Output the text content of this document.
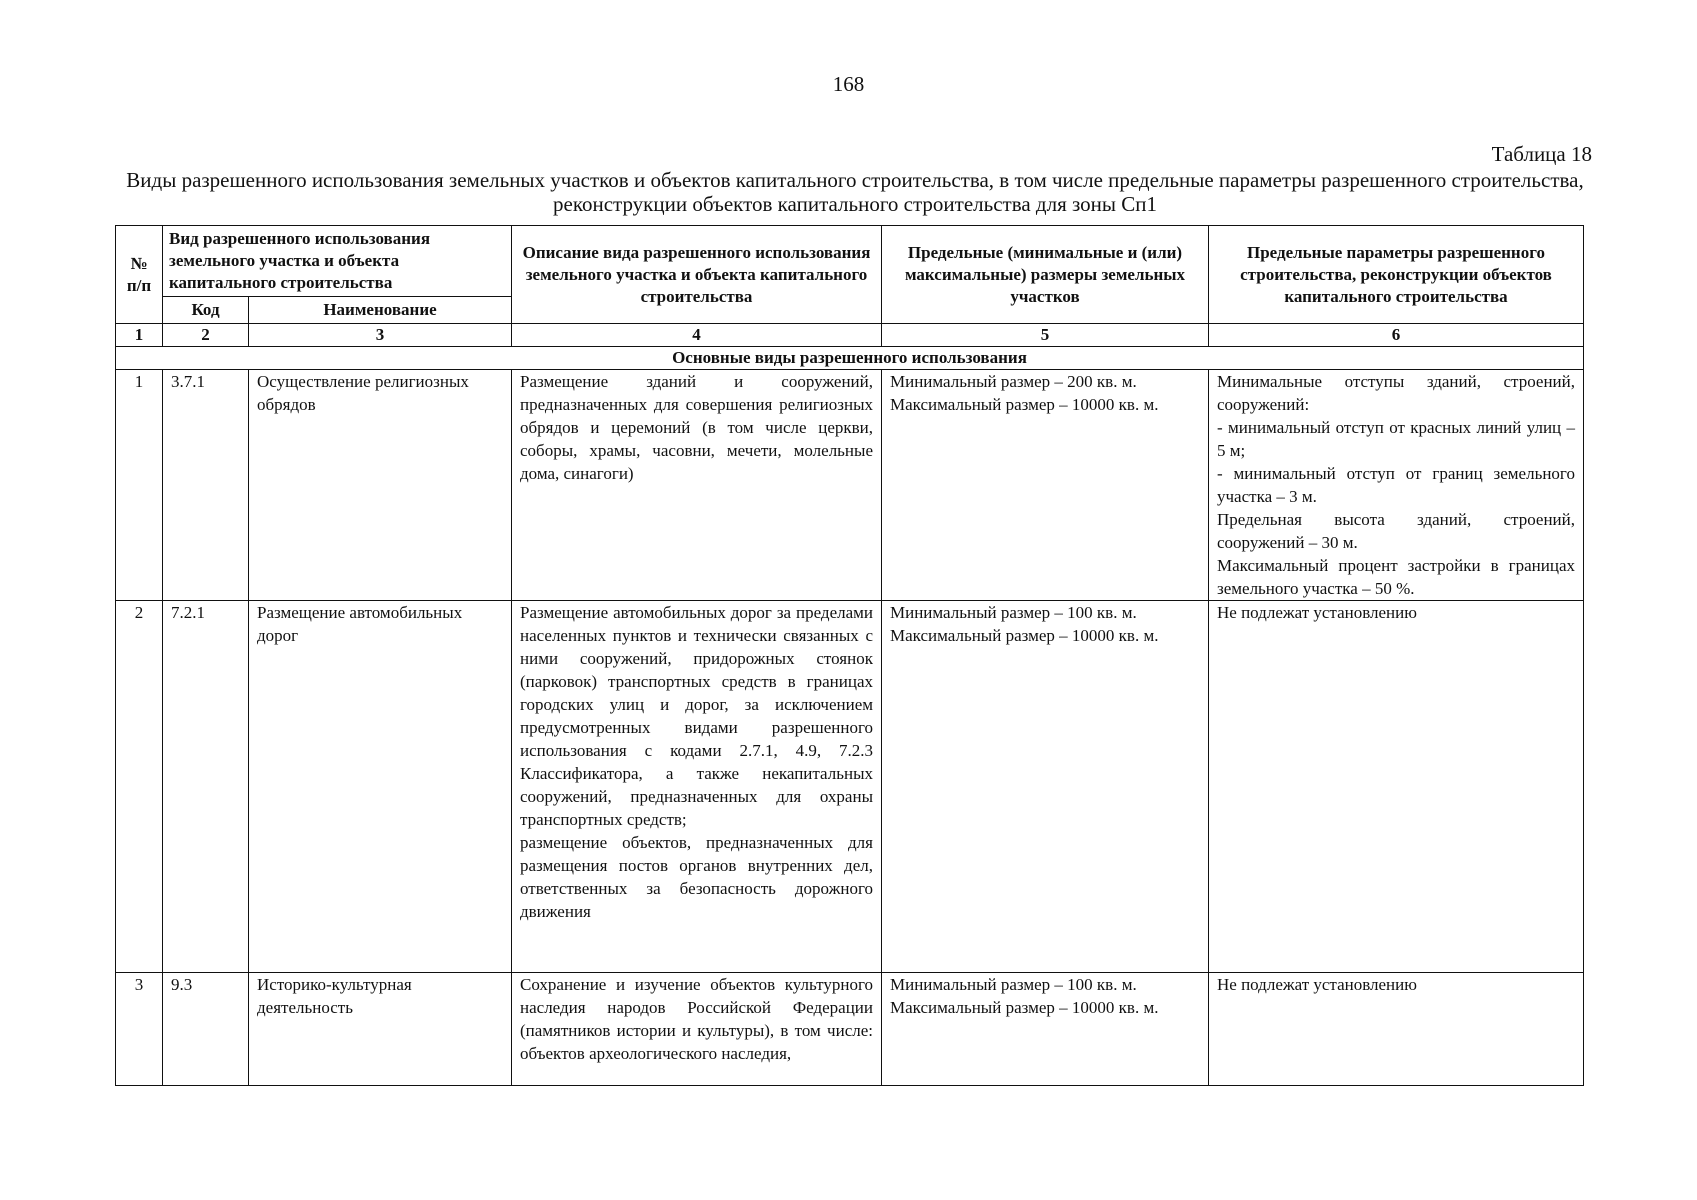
168
Таблица 18
Виды разрешенного использования земельных участков и объектов капитального строительства, в том числе предельные параметры разрешенного строительства, реконструкции объектов капитального строительства для зоны Сп1
№ п/п	Вид разрешенного использования земельного участка и объекта капитального строительства		Описание вида разрешенного использования земельного участка и объекта капитального строительства	Предельные (минимальные и (или) максимальные) размеры земельных участков	Предельные параметры разрешенного строительства, реконструкции объектов капитального строительства
	Код	Наименование			
1	2	3	4	5	6
Основные виды разрешенного использования					
1	3.7.1	Осуществление религиозных обрядов	Размещение зданий и сооружений, предназначенных для совершения религиозных обрядов и церемоний (в том числе церкви, соборы, храмы, часовни, мечети, молельные дома, синагоги)	Минимальный размер – 200 кв. м. Максимальный размер – 10000 кв. м.	Минимальные отступы зданий, строений, сооружений:
- минимальный отступ от красных линий улиц – 5 м;
- минимальный отступ от границ земельного участка – 3 м.
Предельная высота зданий, строений, сооружений – 30 м.
Максимальный процент застройки в границах земельного участка – 50 %.

2	7.2.1	Размещение автомобильных дорог	Размещение автомобильных дорог за пределами населенных пунктов и технически связанных с ними сооружений, придорожных стоянок (парковок) транспортных средств в границах городских улиц и дорог, за исключением предусмотренных видами разрешенного использования с кодами 2.7.1, 4.9, 7.2.3 Классификатора, а также некапитальных сооружений, предназначенных для охраны транспортных средств;
размещение объектов, предназначенных для размещения постов органов внутренних дел, ответственных за безопасность дорожного движения	Минимальный размер – 100 кв. м. Максимальный размер – 10000 кв. м.	Не подлежат установлению
3	9.3	Историко-культурная деятельность	Сохранение и изучение объектов культурного наследия народов Российской Федерации (памятников истории и культуры), в том числе: объектов археологического наследия,	Минимальный размер – 100 кв. м. Максимальный размер – 10000 кв. м.	Не подлежат установлению
